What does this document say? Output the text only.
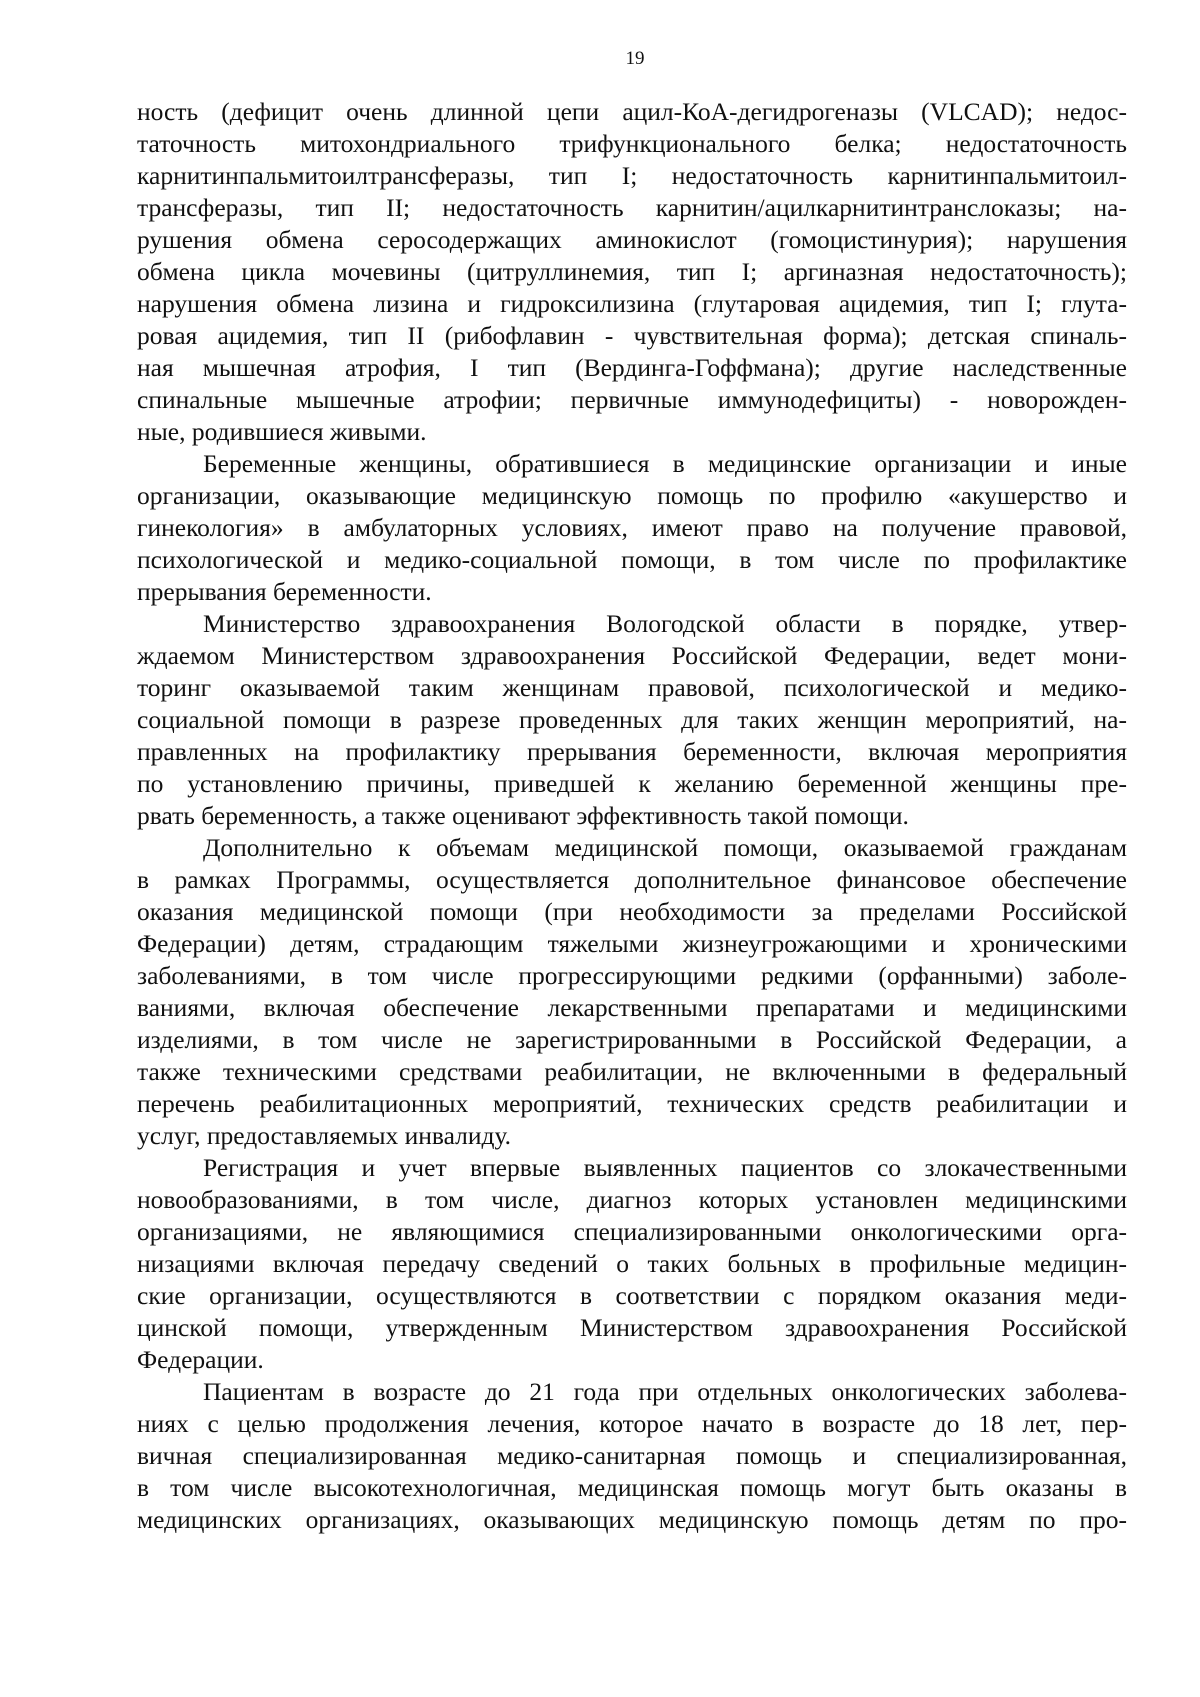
19

ность (дефицит очень длинной цепи ацил-КоА-дегидрогеназы (VLCAD); недос-
таточность митохондриального трифункционального белка; недостаточность
карнитинпальмитоилтрансферазы, тип I; недостаточность карнитинпальмитоил-
трансферазы, тип II; недостаточность карнитин/ацилкарнитинтранслоказы; на-
рушения обмена серосодержащих аминокислот (гомоцистинурия); нарушения
обмена цикла мочевины (цитруллинемия, тип I; аргиназная недостаточность);
нарушения обмена лизина и гидроксилизина (глутаровая ацидемия, тип I; глута-
ровая ацидемия, тип II (рибофлавин - чувствительная форма); детская спиналь-
ная мышечная атрофия, I тип (Вердинга-Гоффмана); другие наследственные
спинальные мышечные атрофии; первичные иммунодефициты) - новорожден-
ные, родившиеся живыми.

Беременные женщины, обратившиеся в медицинские организации и иные
организации, оказывающие медицинскую помощь по профилю «акушерство и
гинекология» в амбулаторных условиях, имеют право на получение правовой,
психологической и медико-социальной помощи, в том числе по профилактике
прерывания беременности.

Министерство здравоохранения Вологодской области в порядке, утвер-
ждаемом Министерством здравоохранения Российской Федерации, ведет мони-
торинг оказываемой таким женщинам правовой, психологической и медико-
социальной помощи в разрезе проведенных для таких женщин мероприятий, на-
правленных на профилактику прерывания беременности, включая мероприятия
по установлению причины, приведшей к желанию беременной женщины пре-
рвать беременность, а также оценивают эффективность такой помощи.

Дополнительно к объемам медицинской помощи, оказываемой гражданам
в рамках Программы, осуществляется дополнительное финансовое обеспечение
оказания медицинской помощи (при необходимости за пределами Российской
Федерации) детям, страдающим тяжелыми жизнеугрожающими и хроническими
заболеваниями, в том числе прогрессирующими редкими (орфанными) заболе-
ваниями, включая обеспечение лекарственными препаратами и медицинскими
изделиями, в том числе не зарегистрированными в Российской Федерации, а
также техническими средствами реабилитации, не включенными в федеральный
перечень реабилитационных мероприятий, технических средств реабилитации и
услуг, предоставляемых инвалиду.

Регистрация и учет впервые выявленных пациентов со злокачественными
новообразованиями, в том числе, диагноз которых установлен медицинскими
организациями, не являющимися специализированными онкологическими орга-
низациями включая передачу сведений о таких больных в профильные медицин-
ские организации, осуществляются в соответствии с порядком оказания меди-
цинской помощи, утвержденным Министерством здравоохранения Российской
Федерации.

Пациентам в возрасте до 21 года при отдельных онкологических заболева-
ниях с целью продолжения лечения, которое начато в возрасте до 18 лет, пер-
вичная специализированная медико-санитарная помощь и специализированная,
в том числе высокотехнологичная, медицинская помощь могут быть оказаны в
медицинских организациях, оказывающих медицинскую помощь детям по про-
